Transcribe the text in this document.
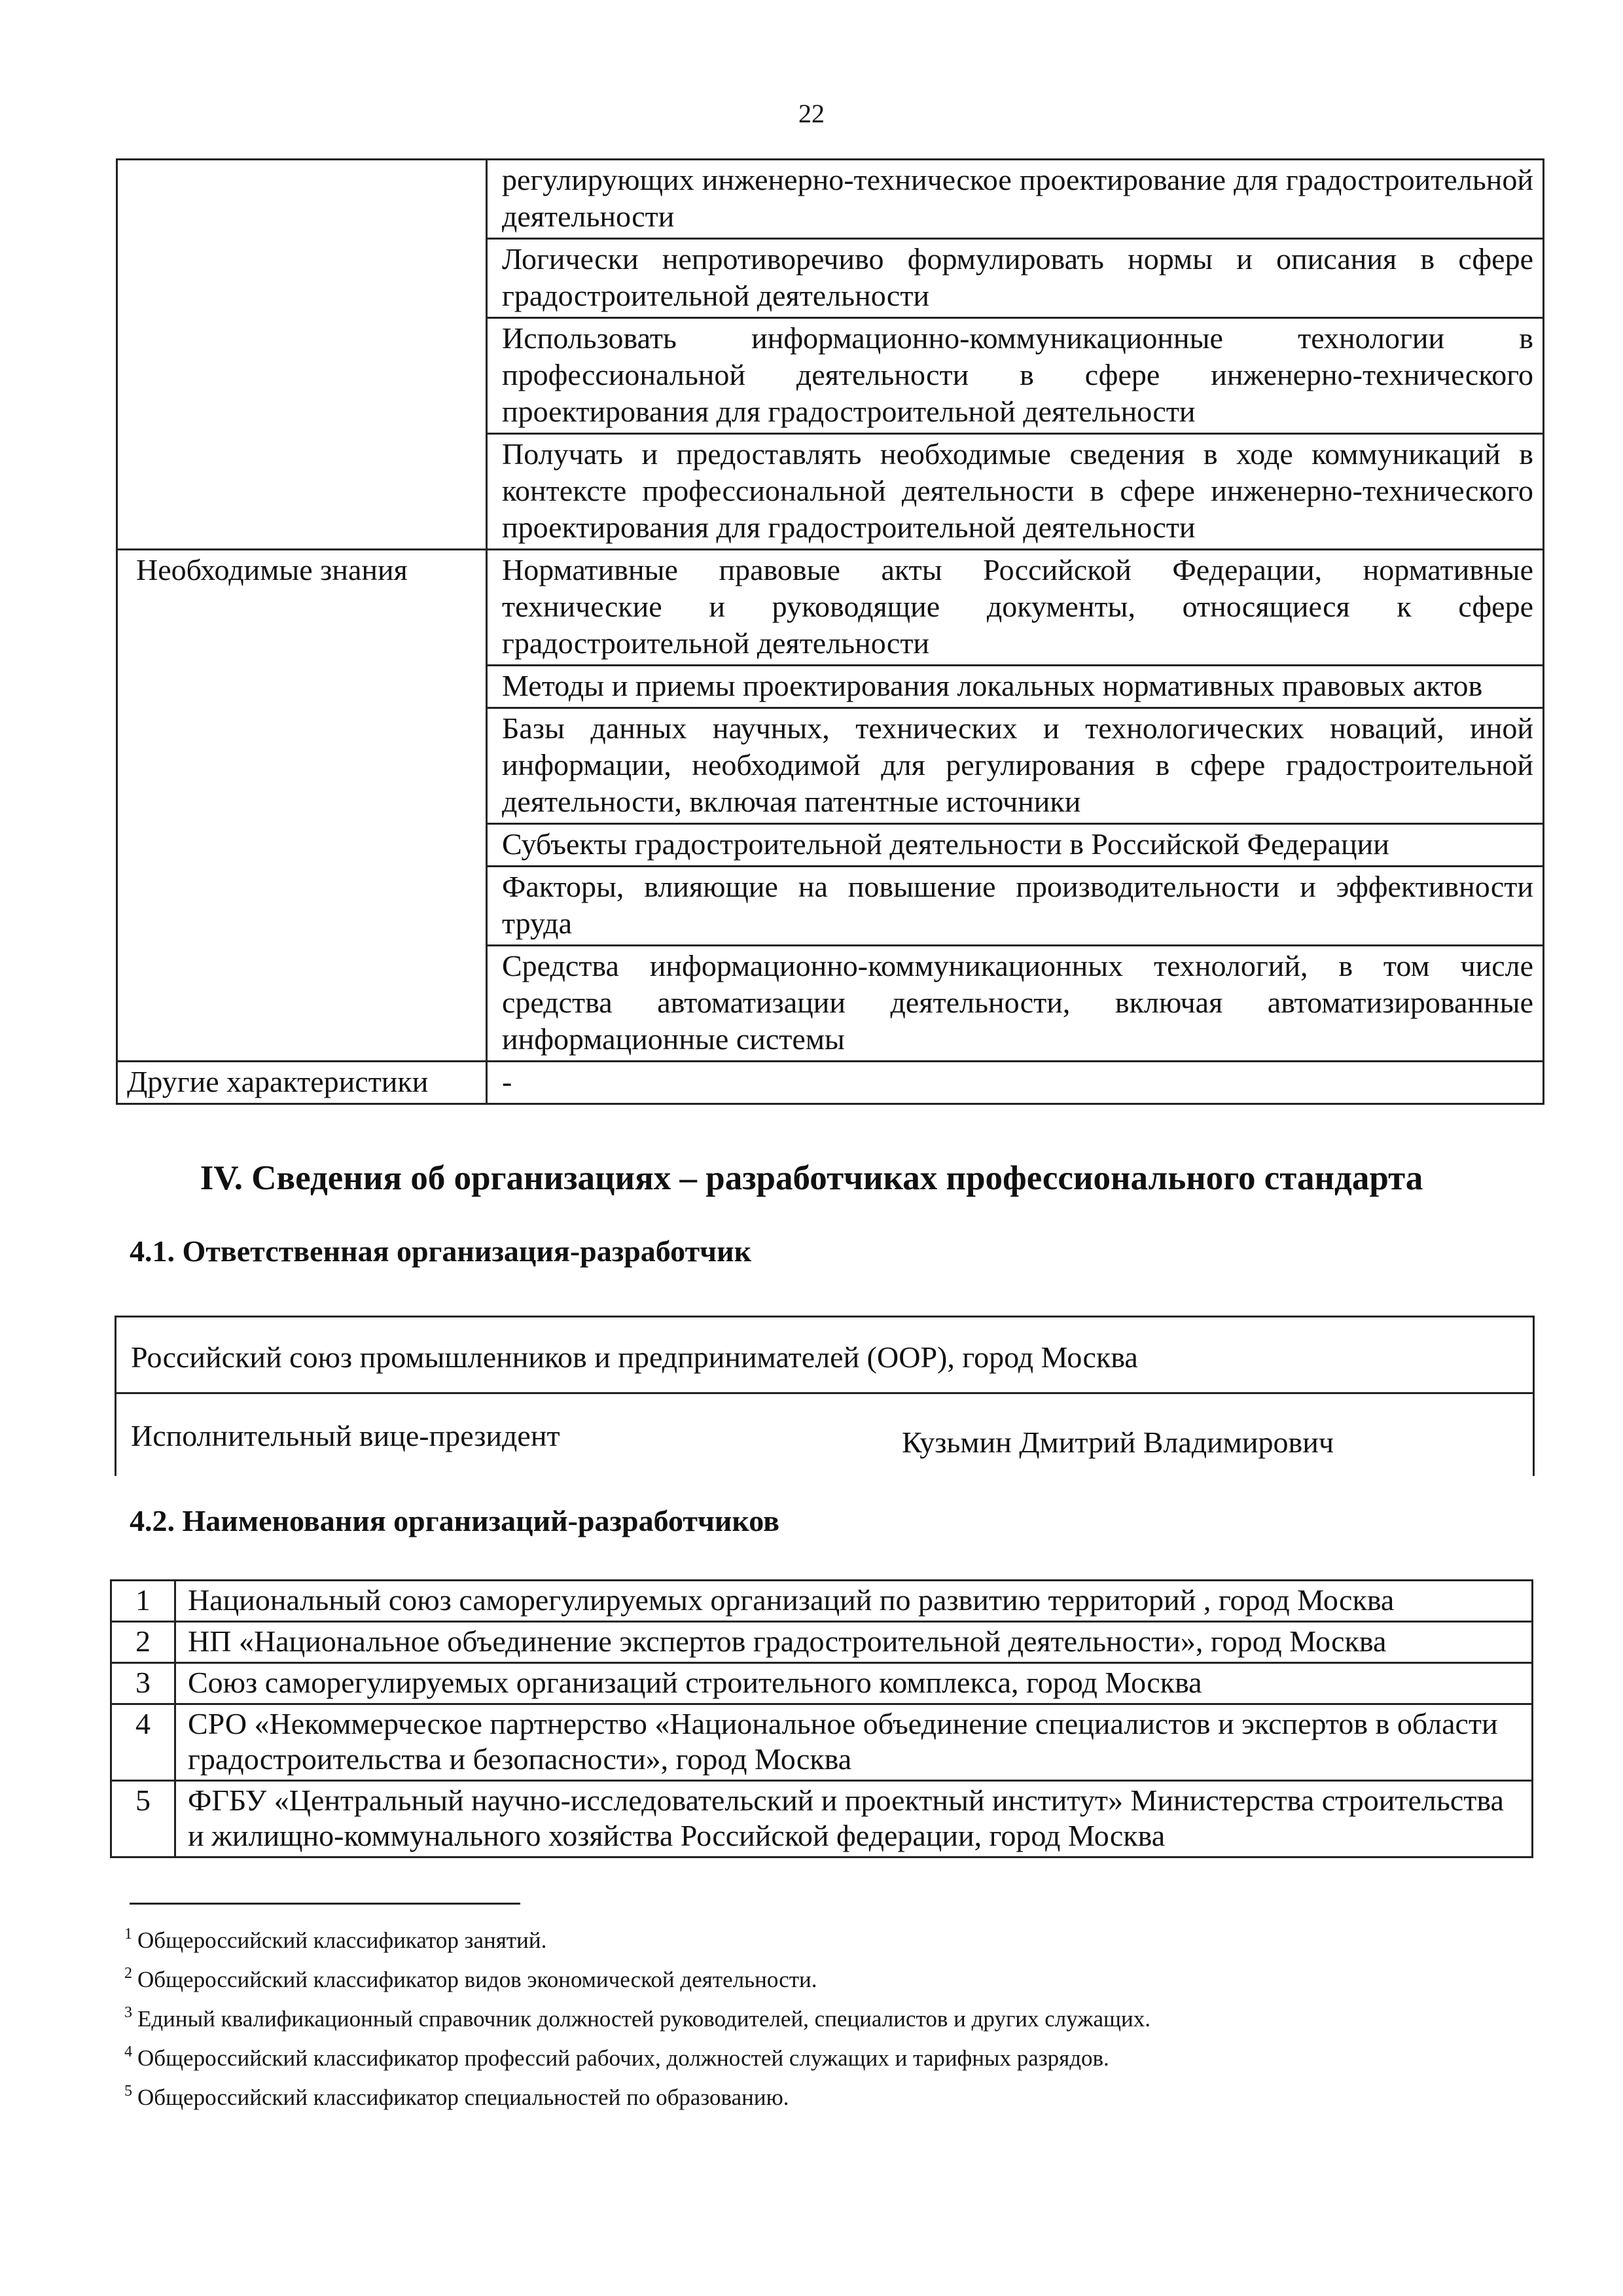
22
	регулирующих инженерно-техническое проектирование для градостроительной деятельности
	Логически непротиворечиво формулировать нормы и описания в сфере градостроительной деятельности
	Использовать информационно-коммуникационные технологии в профессиональной деятельности в сфере инженерно-технического проектирования для градостроительной деятельности
	Получать и предоставлять необходимые сведения в ходе коммуникаций в контексте профессиональной деятельности в сфере инженерно-технического проектирования для градостроительной деятельности
Необходимые знания	Нормативные правовые акты Российской Федерации, нормативные технические и руководящие документы, относящиеся к сфере градостроительной деятельности
	Методы и приемы проектирования локальных нормативных правовых актов
	Базы данных научных, технических и технологических новаций, иной информации, необходимой для регулирования в сфере градостроительной деятельности, включая патентные источники
	Субъекты градостроительной деятельности в Российской Федерации
	Факторы, влияющие на повышение производительности и эффективности труда
	Средства информационно-коммуникационных технологий, в том числе средства автоматизации деятельности, включая автоматизированные информационные системы
Другие характеристики	-
IV. Сведения об организациях – разработчиках профессионального стандарта
4.1. Ответственная организация-разработчик
Российский союз промышленников и предпринимателей (ООР), город Москва
Исполнительный вице-президент	Кузьмин Дмитрий Владимирович
4.2. Наименования организаций-разработчиков
1	Национальный союз саморегулируемых организаций по развитию территорий , город Москва
2	НП «Национальное объединение экспертов градостроительной деятельности», город Москва
3	Союз саморегулируемых организаций строительного комплекса, город Москва
4	СРО «Некоммерческое партнерство «Национальное объединение специалистов и экспертов в области градостроительства и безопасности», город Москва
5	ФГБУ «Центральный научно-исследовательский и проектный институт» Министерства строительства и жилищно-коммунального хозяйства Российской федерации, город Москва
$^1$ Общероссийский классификатор занятий.
$^2$ Общероссийский классификатор видов экономической деятельности.
$^3$ Единый квалификационный справочник должностей руководителей, специалистов и других служащих.
$^4$ Общероссийский классификатор профессий рабочих, должностей служащих и тарифных разрядов.
$^5$ Общероссийский классификатор специальностей по образованию.
